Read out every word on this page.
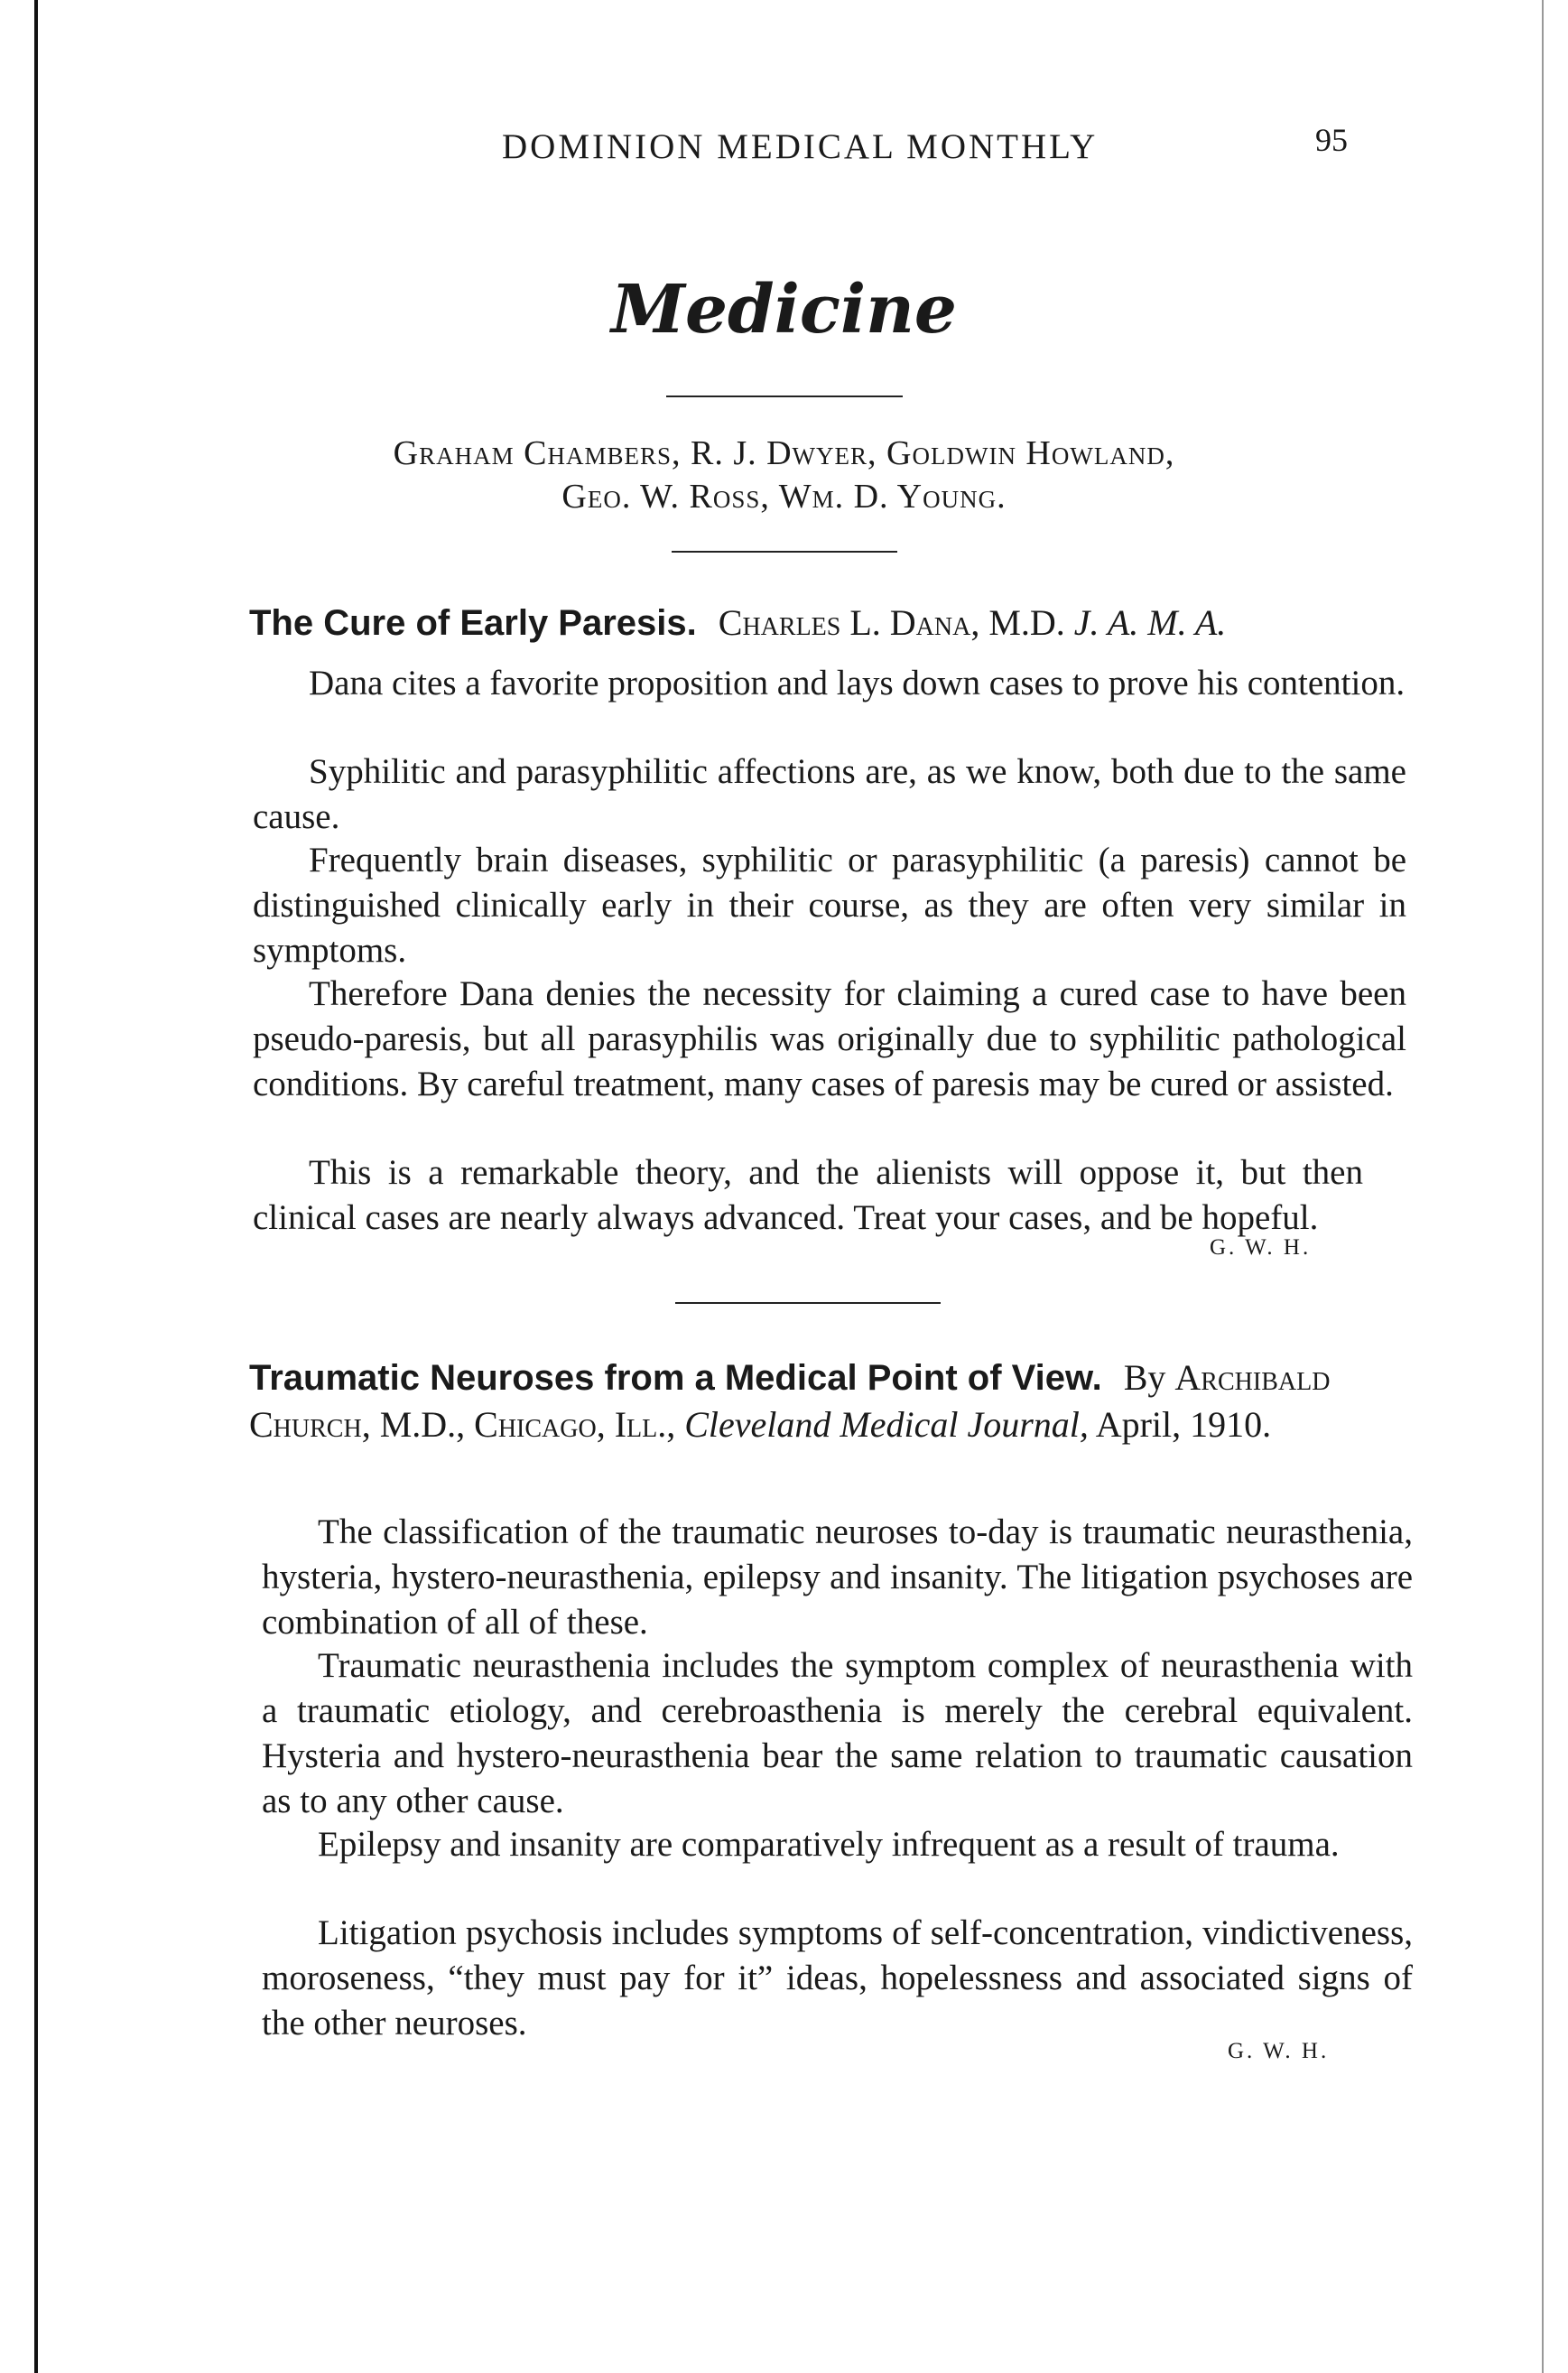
DOMINION MEDICAL MONTHLY	95
Medicine
Graham Chambers, R. J. Dwyer, Goldwin Howland,
Geo. W. Ross, Wm. D. Young.
The Cure of Early Paresis. Charles L. Dana, M.D. J. A. M. A.
Dana cites a favorite proposition and lays down cases to prove his contention.
Syphilitic and parasyphilitic affections are, as we know, both due to the same cause.
Frequently brain diseases, syphilitic or parasyphilitic (a paresis) cannot be distinguished clinically early in their course, as they are often very similar in symptoms.
Therefore Dana denies the necessity for claiming a cured case to have been pseudo-paresis, but all parasyphilis was originally due to syphilitic pathological conditions. By careful treatment, many cases of paresis may be cured or assisted.
This is a remarkable theory, and the alienists will oppose it, but then clinical cases are nearly always advanced. Treat your cases, and be hopeful.
G. W. H.
Traumatic Neuroses from a Medical Point of View. By Archibald Church, M.D., Chicago, Ill., Cleveland Medical Journal, April, 1910.
The classification of the traumatic neuroses to-day is traumatic neurasthenia, hysteria, hystero-neurasthenia, epilepsy and insanity. The litigation psychoses are combination of all of these.
Traumatic neurasthenia includes the symptom complex of neurasthenia with a traumatic etiology, and cerebroasthenia is merely the cerebral equivalent. Hysteria and hystero-neurasthenia bear the same relation to traumatic causation as to any other cause.
Epilepsy and insanity are comparatively infrequent as a result of trauma.
Litigation psychosis includes symptoms of self-concentration, vindictiveness, moroseness, “they must pay for it” ideas, hopelessness and associated signs of the other neuroses.
G. W. H.
